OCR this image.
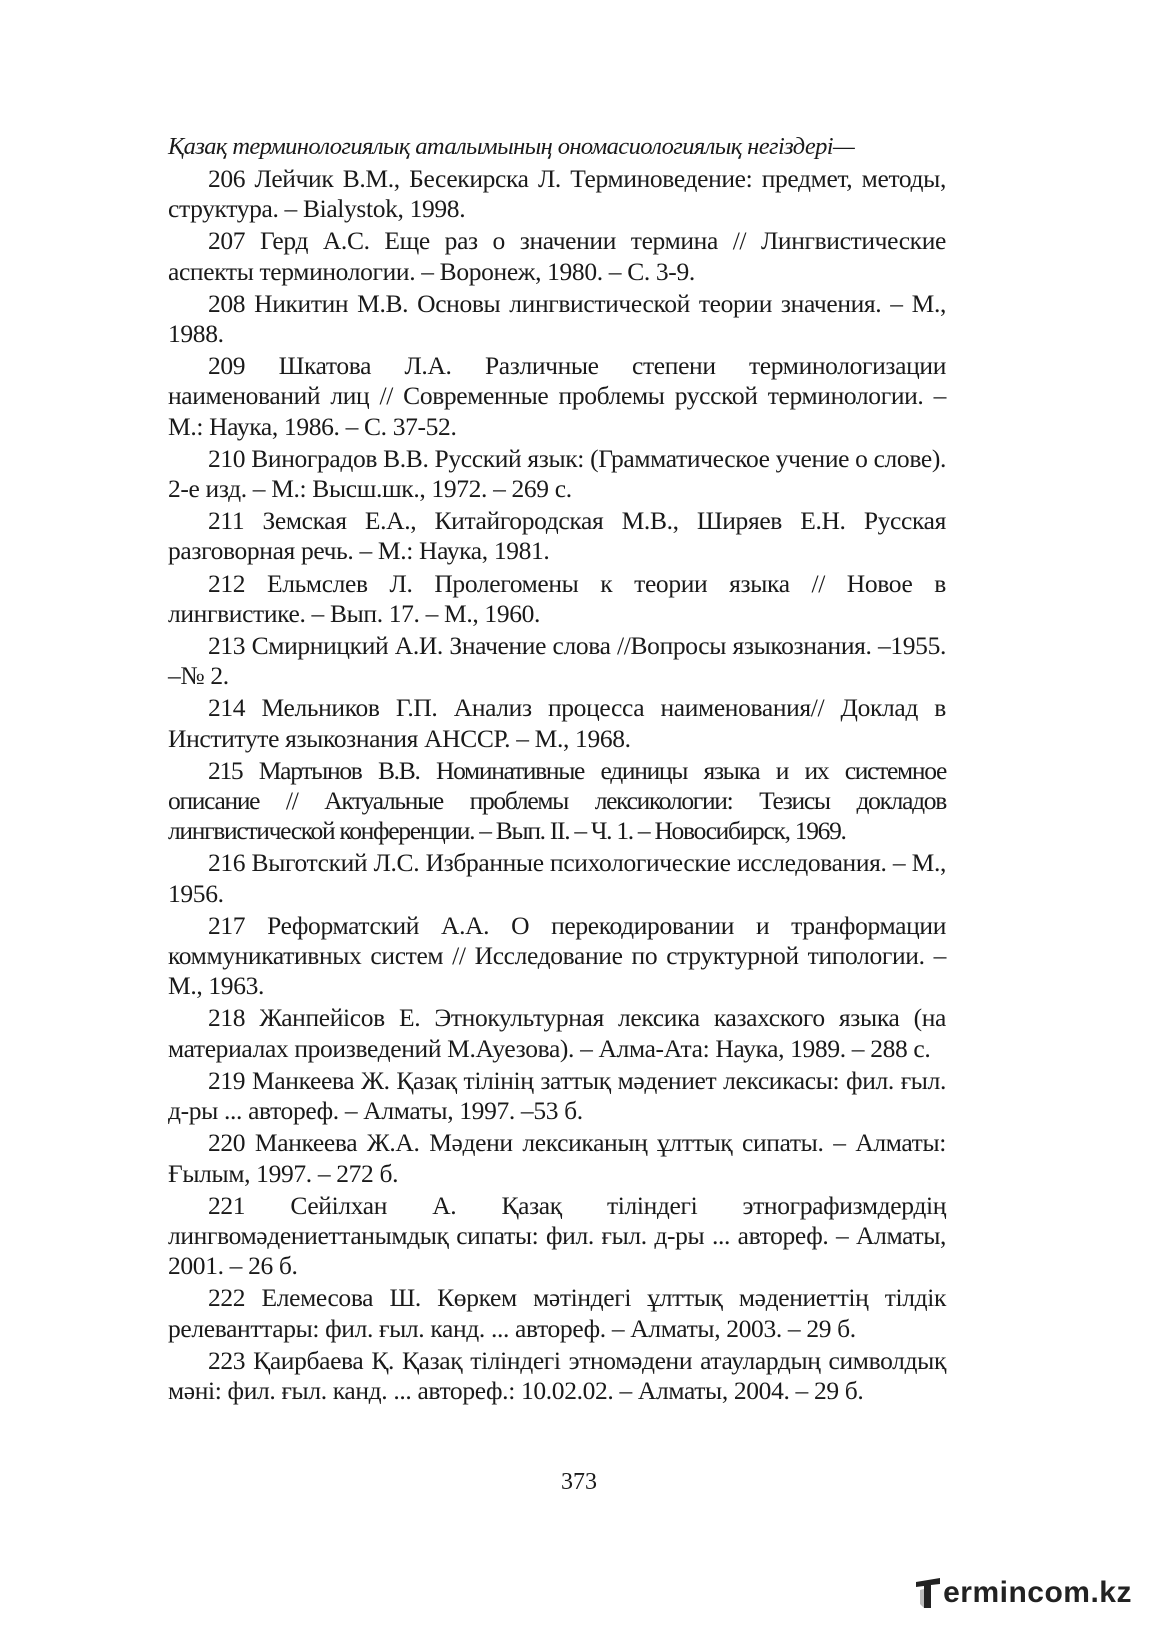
Қазақ терминологиялық аталымының ономасиологиялық негіздері—
206 Лейчик В.М., Бесекирска Л. Терминоведение: предмет, методы, структура. – Bialystok, 1998.
207 Герд А.С. Еще раз о значении термина // Лингвистические аспекты терминологии. – Воронеж, 1980. – С. 3-9.
208 Никитин М.В. Основы лингвистической теории значения. – М., 1988.
209 Шкатова Л.А. Различные степени терминологизации наименований лиц // Современные проблемы русской терминологии. – М.: Наука, 1986. – С. 37-52.
210 Виноградов В.В. Русский язык: (Грамматическое учение о слове). 2-е изд. – М.: Высш.шк., 1972. – 269 с.
211 Земская Е.А., Китайгородская М.В., Ширяев Е.Н. Русская разговорная речь. – М.: Наука, 1981.
212 Ельмслев Л. Пролегомены к теории языка // Новое в лингвистике. – Вып. 17. – М., 1960.
213 Смирницкий А.И. Значение слова //Вопросы языкознания. –1955. –№ 2.
214 Мельников Г.П. Анализ процесса наименования// Доклад в Институте языкознания АНССР. – М., 1968.
215 Мартынов В.В. Номинативные единицы языка и их системное описание // Актуальные проблемы лексикологии: Тезисы докладов лингвистической конференции. – Вып. II. – Ч. 1. – Новосибирск, 1969.
216 Выготский Л.С. Избранные психологические исследования. – М., 1956.
217 Реформатский А.А. О перекодировании и транформации коммуникативных систем // Исследование по структурной типологии. – М., 1963.
218 Жанпейісов Е. Этнокультурная лексика казахского языка (на материалах произведений М.Ауезова). – Алма-Ата: Наука, 1989. – 288 с.
219 Манкеева Ж. Қазақ тілінің заттық мәдениет лексикасы: фил. ғыл. д-ры ... автореф. – Алматы, 1997. –53 б.
220 Манкеева Ж.А. Мәдени лексиканың ұлттық сипаты. – Алматы: Ғылым, 1997. – 272 б.
221 Сейілхан А. Қазақ тіліндегі этнографизмдердің лингвомәдениеттанымдық сипаты: фил. ғыл. д-ры ... автореф. – Алматы, 2001. – 26 б.
222 Елемесова Ш. Көркем мәтіндегі ұлттық мәдениеттің тілдік релеванттары: фил. ғыл. канд. ... автореф. – Алматы, 2003. – 29 б.
223 Қаирбаева Қ. Қазақ тіліндегі этномәдени атаулардың символдық мәні: фил. ғыл. канд. ... автореф.: 10.02.02. – Алматы, 2004. – 29 б.
373
ermincom.kz
